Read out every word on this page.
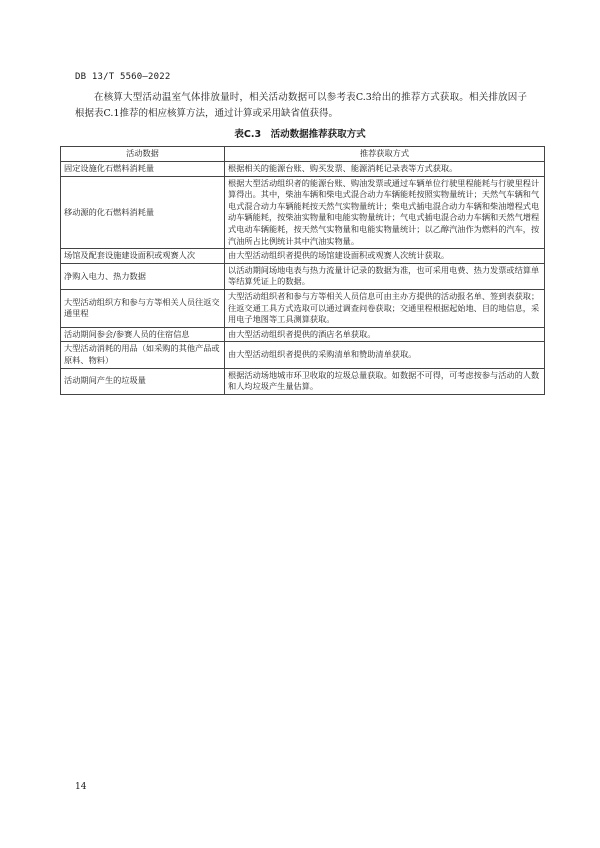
DB 13/T 5560—2022

在核算大型活动温室气体排放量时，相关活动数据可以参考表C.3给出的推荐方式获取。相关排放因子根据表C.1推荐的相应核算方法，通过计算或采用缺省值获得。

表C.3　活动数据推荐获取方式
活动数据	推荐获取方式
固定设施化石燃料消耗量	根据相关的能源台账、购买发票、能源消耗记录表等方式获取。
移动源的化石燃料消耗量	根据大型活动组织者的能源台账、购油发票或通过车辆单位行驶里程能耗与行驶里程计算得出。其中，柴油车辆和柴电式混合动力车辆能耗按照实物量统计；天然气车辆和气电式混合动力车辆能耗按天然气实物量统计；柴电式插电混合动力车辆和柴油增程式电动车辆能耗，按柴油实物量和电能实物量统计；气电式插电混合动力车辆和天然气增程式电动车辆能耗，按天然气实物量和电能实物量统计；以乙醇汽油作为燃料的汽车，按汽油所占比例统计其中汽油实物量。
场馆及配套设施建设面积或观赛人次	由大型活动组织者提供的场馆建设面积或观赛人次统计获取。
净购入电力、热力数据	以活动期间场地电表与热力流量计记录的数据为准，也可采用电费、热力发票或结算单等结算凭证上的数据。
大型活动组织方和参与方等相关人员往返交通里程	大型活动组织者和参与方等相关人员信息可由主办方提供的活动报名单、签到表获取；往返交通工具方式选取可以通过调查问卷获取；交通里程根据起始地、目的地信息，采用电子地图等工具测算获取。
活动期间参会/参赛人员的住宿信息	由大型活动组织者提供的酒店名单获取。
大型活动消耗的用品（如采购的其他产品或原料、物料）	由大型活动组织者提供的采购清单和赞助清单获取。
活动期间产生的垃圾量	根据活动场地城市环卫收取的垃圾总量获取。如数据不可得，可考虑按参与活动的人数和人均垃圾产生量估算。
14
